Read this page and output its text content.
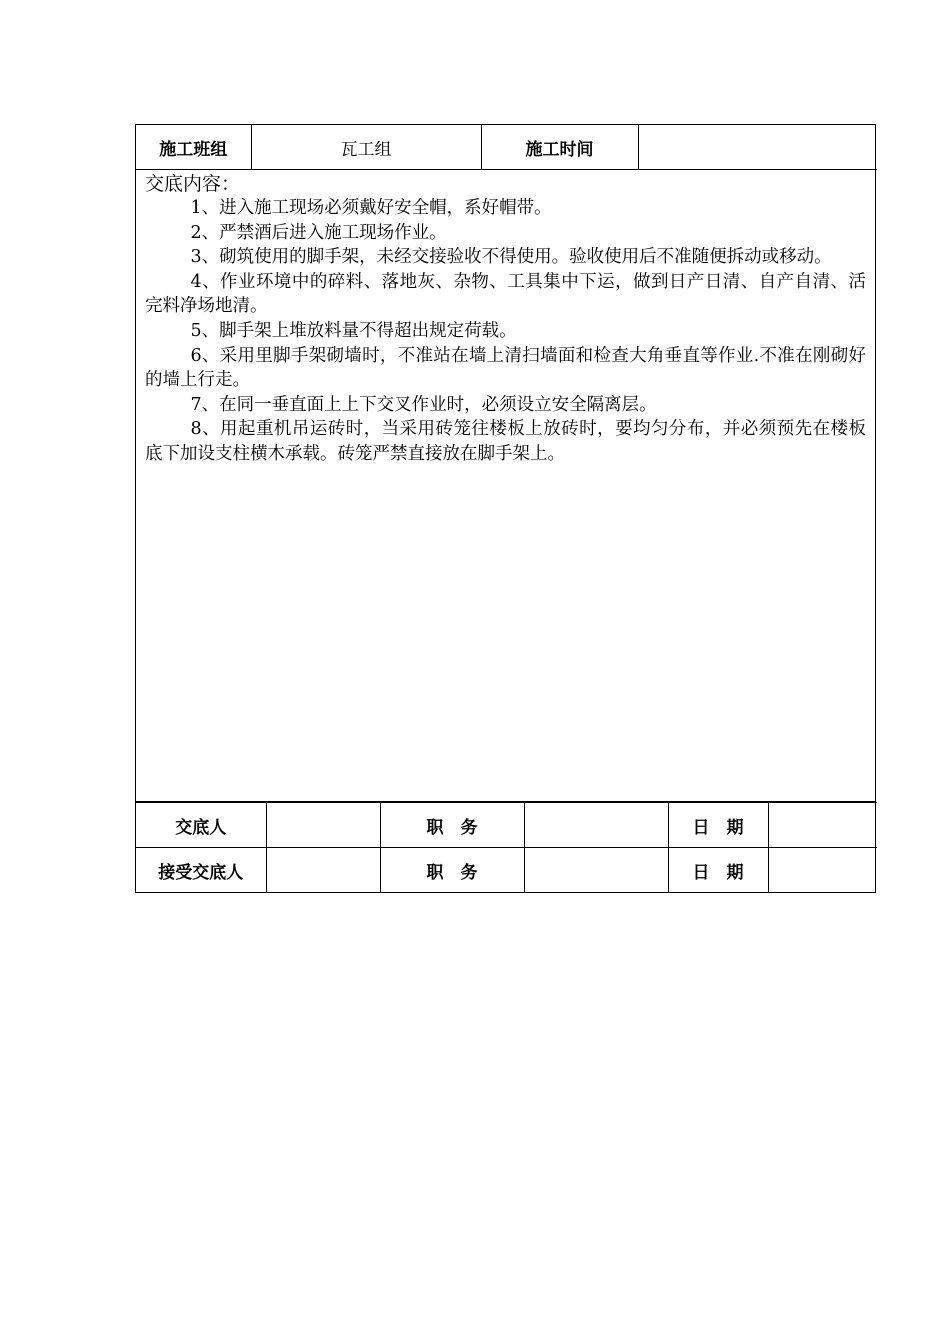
施工班组	瓦工组	施工时间	

交底内容：

1、进入施工现场必须戴好安全帽，系好帽带。

2、严禁酒后进入施工现场作业。

3、砌筑使用的脚手架，未经交接验收不得使用。验收使用后不准随便拆动或移动。

4、作业环境中的碎料、落地灰、杂物、工具集中下运，做到日产日清、自产自清、活完料净场地清。

5、脚手架上堆放料量不得超出规定荷载。

6、采用里脚手架砌墙时，不准站在墙上清扫墙面和检查大角垂直等作业.不准在刚砌好的墙上行走。

7、在同一垂直面上上下交叉作业时，必须设立安全隔离层。

8、用起重机吊运砖时，当采用砖笼往楼板上放砖时，要均匀分布，并必须预先在楼板底下加设支柱横木承载。砖笼严禁直接放在脚手架上。

交底人		职　务		日　期	
接受交底人		职　务		日　期	
